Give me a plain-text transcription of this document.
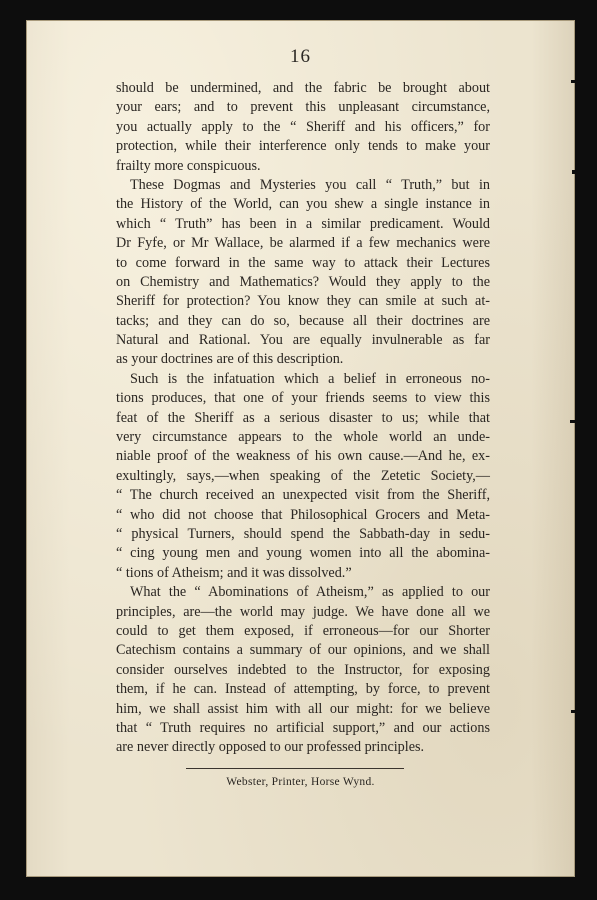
16
should be undermined, and the fabric be brought about
your ears; and to prevent this unpleasant circumstance,
you actually apply to the “ Sheriff and his officers,” for
protection, while their interference only tends to make your
frailty more conspicuous.
These Dogmas and Mysteries you call “ Truth,” but in
the History of the World, can you shew a single instance in
which “ Truth” has been in a similar predicament. Would
Dr Fyfe, or Mr Wallace, be alarmed if a few mechanics were
to come forward in the same way to attack their Lectures
on Chemistry and Mathematics? Would they apply to the
Sheriff for protection? You know they can smile at such at-
tacks; and they can do so, because all their doctrines are
Natural and Rational. You are equally invulnerable as far
as your doctrines are of this description.
Such is the infatuation which a belief in erroneous no-
tions produces, that one of your friends seems to view this
feat of the Sheriff as a serious disaster to us; while that
very circumstance appears to the whole world an unde-
niable proof of the weakness of his own cause.—And he, ex-
exultingly, says,—when speaking of the Zetetic Society,—
“ The church received an unexpected visit from the Sheriff,
“ who did not choose that Philosophical Grocers and Meta-
“ physical Turners, should spend the Sabbath-day in sedu-
“ cing young men and young women into all the abomina-
“ tions of Atheism; and it was dissolved.”
What the “ Abominations of Atheism,” as applied to our
principles, are—the world may judge. We have done all we
could to get them exposed, if erroneous—for our Shorter
Catechism contains a summary of our opinions, and we shall
consider ourselves indebted to the Instructor, for exposing
them, if he can. Instead of attempting, by force, to prevent
him, we shall assist him with all our might: for we believe
that “ Truth requires no artificial support,” and our actions
are never directly opposed to our professed principles.
Webster, Printer, Horse Wynd.
